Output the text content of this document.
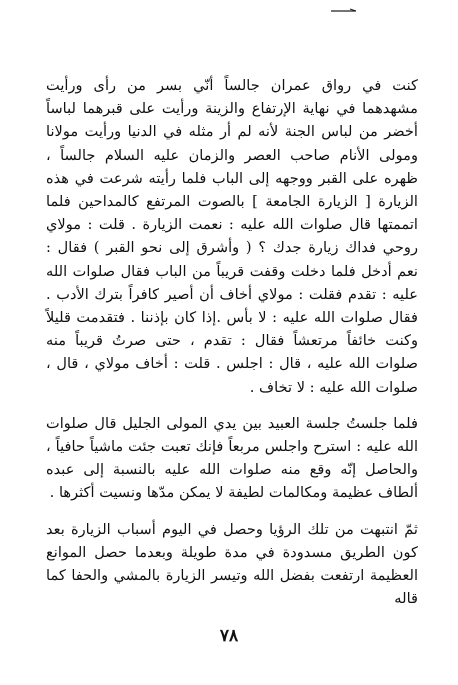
كنت في رواق عمران جالساً أنّي بسر من رأى ورأيت مشهدهما في نهاية الإرتفاع والزينة ورأيت على قبرهما لباساً أخضر من لباس الجنة لأنه لم أر مثله في الدنيا ورأيت مولانا ومولى الأنام صاحب العصر والزمان عليه السلام جالساً ، ظهره على القبر ووجهه إلى الباب فلما رأيته شرعت في هذه الزيارة [ الزيارة الجامعة ] بالصوت المرتفع كالمداحين فلما اتممتها قال صلوات الله عليه : نعمت الزيارة . قلت : مولاي روحي فداك زيارة جدك ؟ ( وأشرق إلى نحو القبر ) فقال : نعم أدخل فلما دخلت وقفت قريباً من الباب فقال صلوات الله عليه : تقدم فقلت : مولاي أخاف أن أصير كافراً بترك الأدب . فقال صلوات الله عليه : لا بأس .إذا كان بإذننا . فتقدمت قليلاً وكنت خائفاً مرتعشاً فقال : تقدم ، حتى صرتُ قريباً منه صلوات الله عليه ، قال : اجلس . قلت : أخاف مولاي ، قال ، صلوات الله عليه : لا تخاف .

فلما جلستُ جلسة العبيد بين يدي المولى الجليل قال صلوات الله عليه : استرح واجلس مربعاً فإنك تعبت جئت ماشياً حافياً ، والحاصل إنّه وقع منه صلوات الله عليه بالنسبة إلى عبده ألطاف عظيمة ومكالمات لطيفة لا يمكن مدّها ونسيت أكثرها .

ثمّ انتبهت من تلك الرؤيا وحصل في اليوم أسباب الزيارة بعد كون الطريق مسدودة في مدة طويلة وبعدما حصل الموانع العظيمة ارتفعت بفضل الله وتيسر الزيارة بالمشي والحفا كما قاله

٧٨
